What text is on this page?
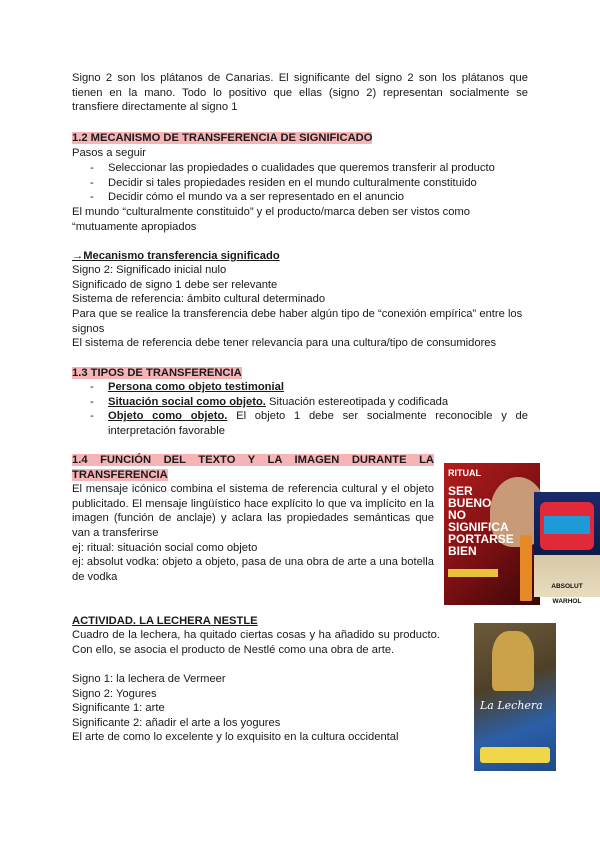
Signo 2 son los plátanos de Canarias. El significante del signo 2 son los plátanos que tienen en la mano. Todo lo positivo que ellas (signo 2) representan socialmente se transfiere directamente al signo 1

1.2 MECANISMO DE TRANSFERENCIA DE SIGNIFICADO

Pasos a seguir

- Seleccionar las propiedades o cualidades que queremos transferir al producto
- Decidir si tales propiedades residen en el mundo culturalmente constituido
- Decidir cómo el mundo va a ser representado en el anuncio

El mundo “culturalmente constituido” y el producto/marca deben ser vistos como “mutuamente apropiados

→Mecanismo transferencia significado

Signo 2: Significado inicial nulo

Significado de signo 1 debe ser relevante

Sistema de referencia: ámbito cultural determinado

Para que se realice la transferencia debe haber algún tipo de “conexión empírica” entre los signos

El sistema de referencia debe tener relevancia para una cultura/tipo de consumidores

1.3 TIPOS DE TRANSFERENCIA

- Persona como objeto testimonial
- Situación social como objeto. Situación estereotipada y codificada
- Objeto como objeto. El objeto 1 debe ser socialmente reconocible y de interpretación favorable

1.4 FUNCIÓN DEL TEXTO Y LA IMAGEN DURANTE LA TRANSFERENCIA

El mensaje icónico combina el sistema de referencia cultural y el objeto publicitado. El mensaje lingüístico hace explícito lo que va implícito en la imagen (función de anclaje) y aclara las propiedades semánticas que van a transferirse

ej: ritual: situación social como objeto

ej: absolut vodka: objeto a objeto, pasa de una obra de arte a una botella de vodka

RITUAL
SER BUENO NO SIGNIFICA PORTARSE BIEN
ABSOLUT WARHOL

ACTIVIDAD. LA LECHERA NESTLE

Cuadro de la lechera, ha quitado ciertas cosas y ha añadido su producto. Con ello, se asocia el producto de Nestlé como una obra de arte.

Signo 1: la lechera de Vermeer

Signo 2: Yogures

Significante 1: arte

Significante 2: añadir el arte a los yogures

El arte de como lo excelente y lo exquisito en la cultura occidental

La Lechera
